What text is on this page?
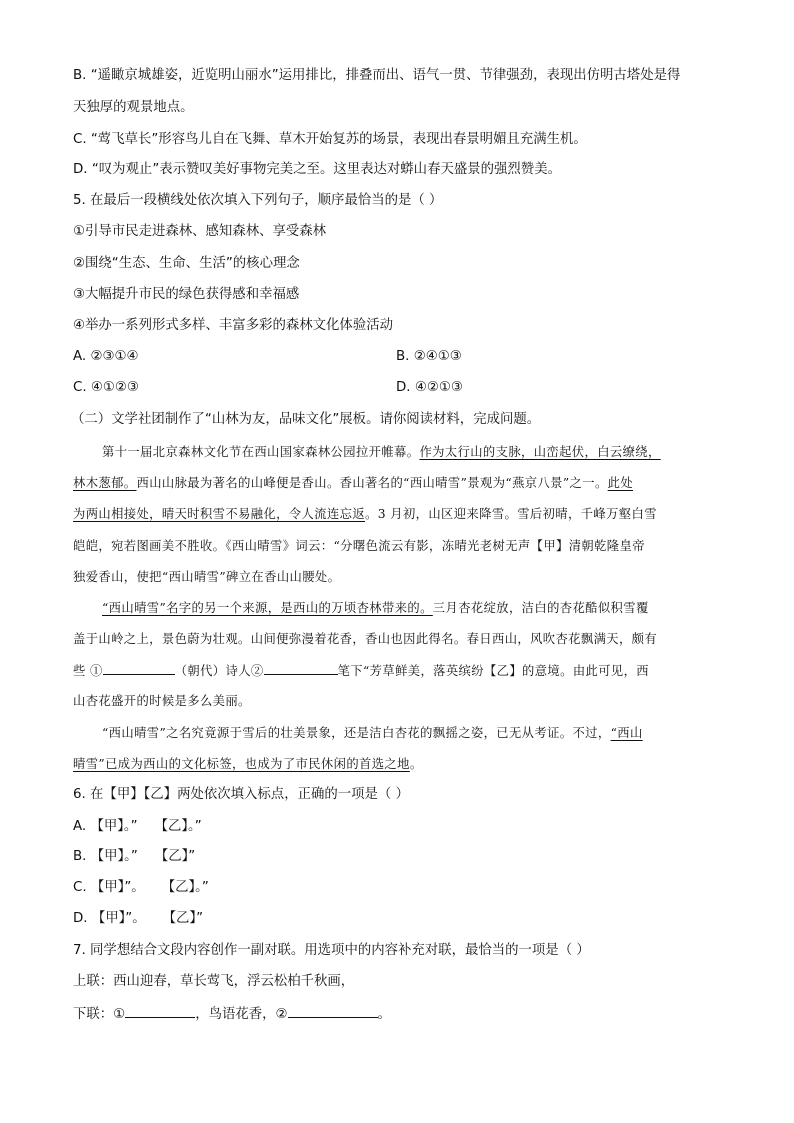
B. “遥瞰京城雄姿，近览明山丽水”运用排比，排叠而出、语气一贯、节律强劲，表现出仿明古塔处是得
天独厚的观景地点。
C. “莺飞草长”形容鸟儿自在飞舞、草木开始复苏的场景，表现出春景明媚且充满生机。
D. “叹为观止”表示赞叹美好事物完美之至。这里表达对蟒山春天盛景的强烈赞美。
5. 在最后一段横线处依次填入下列句子，顺序最恰当的是（ ）
①引导市民走进森林、感知森林、享受森林
②围绕“生态、生命、生活”的核心理念
③大幅提升市民的绿色获得感和幸福感
④举办一系列形式多样、丰富多彩的森林文化体验活动
A. ②③①④	B. ②④①③
C. ④①②③	D. ④②①③
（二）文学社团制作了“山林为友，品味文化”展板。请你阅读材料，完成问题。
第十一届北京森林文化节在西山国家森林公园拉开帷幕。作为太行山的支脉，山峦起伏，白云缭绕，
林木葱郁。西山山脉最为著名的山峰便是香山。香山著名的“西山晴雪”景观为“燕京八景”之一。此处
为两山相接处，晴天时积雪不易融化，令人流连忘返。3 月初，山区迎来降雪。雪后初晴，千峰万壑白雪
皑皑，宛若图画美不胜收。《西山晴雪》词云：“分曙色流云有影，冻晴光老树无声【甲】清朝乾隆皇帝
独爱香山，使把“西山晴雪”碑立在香山山腰处。
“西山晴雪”名字的另一个来源，是西山的万顷杏林带来的。三月杏花绽放，洁白的杏花酷似积雪覆
盖于山岭之上，景色蔚为壮观。山间便弥漫着花香，香山也因此得名。春日西山，风吹杏花飘满天，颇有
些 ①	（朝代）诗人②	笔下“芳草鲜美，落英缤纷【乙】的意境。由此可见，西
山杏花盛开的时候是多么美丽。
“西山晴雪”之名究竟源于雪后的壮美景象，还是洁白杏花的飘摇之姿，已无从考证。不过，“西山
晴雪”已成为西山的文化标签，也成为了市民休闲的首选之地。
6. 在【甲】【乙】两处依次填入标点，正确的一项是（ ）
A. 【甲】。”    【乙】。”
B. 【甲】。”    【乙】”
C. 【甲】”。    【乙】。”
D. 【甲】”。    【乙】”
7. 同学想结合文段内容创作一副对联。用选项中的内容补充对联，最恰当的一项是（ ）
上联：西山迎春，草长莺飞，浮云松柏千秋画，
下联：①	，鸟语花香，②	。
